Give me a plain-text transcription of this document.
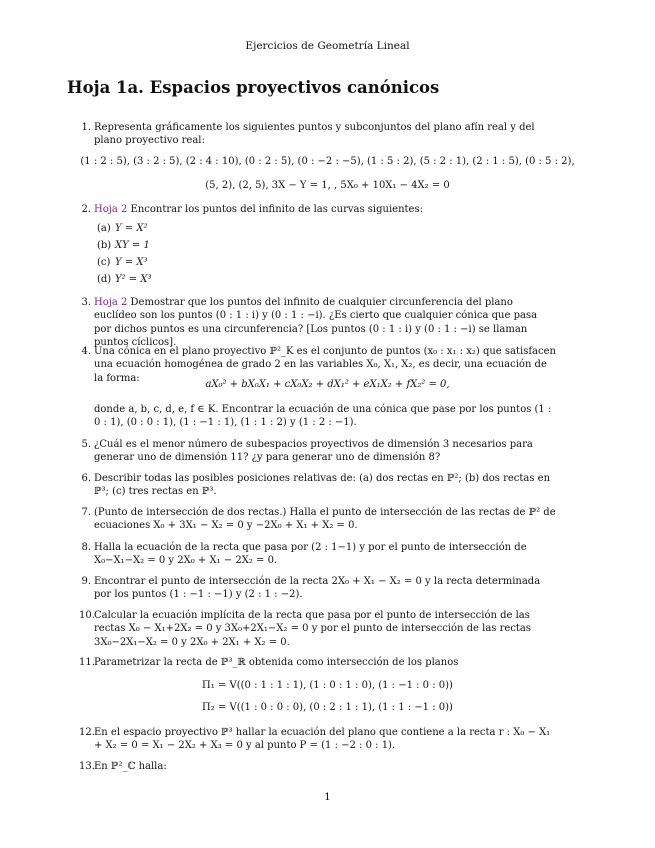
Ejercicios de Geometría Lineal
Hoja 1a. Espacios proyectivos canónicos
1. Representa gráficamente los siguientes puntos y subconjuntos del plano afín real y del plano proyectivo real:
(1 : 2 : 5), (3 : 2 : 5), (2 : 4 : 10), (0 : 2 : 5), (0 : −2 : −5), (1 : 5 : 2), (5 : 2 : 1), (2 : 1 : 5), (0 : 5 : 2),
(5, 2), (2, 5), 3X − Y = 1, , 5X₀ + 10X₁ − 4X₂ = 0
2. Hoja 2 Encontrar los puntos del infinito de las curvas siguientes:
(a) Y = X²
(b) XY = 1
(c) Y = X³
(d) Y² = X³
3. Hoja 2 Demostrar que los puntos del infinito de cualquier circunferencia del plano euclídeo son los puntos (0 : 1 : i) y (0 : 1 : −i). ¿Es cierto que cualquier cónica que pasa por dichos puntos es una circunferencia? [Los puntos (0 : 1 : i) y (0 : 1 : −i) se llaman puntos cíclicos].
4. Una cónica en el plano proyectivo ℙ²_K es el conjunto de puntos (x₀ : x₁ : x₂) que satisfacen una ecuación homogénea de grado 2 en las variables X₀, X₁, X₂, es decir, una ecuación de la forma:
aX₀² + bX₀X₁ + cX₀X₂ + dX₁² + eX₁X₂ + fX₂² = 0,
donde a, b, c, d, e, f ∈ K. Encontrar la ecuación de una cónica que pase por los puntos (1 : 0 : 1), (0 : 0 : 1), (1 : −1 : 1), (1 : 1 : 2) y (1 : 2 : −1).
5. ¿Cuál es el menor número de subespacios proyectivos de dimensión 3 necesarios para generar uno de dimensión 11? ¿y para generar uno de dimensión 8?
6. Describir todas las posibles posiciones relativas de: (a) dos rectas en ℙ²; (b) dos rectas en ℙ³; (c) tres rectas en ℙ³.
7. (Punto de intersección de dos rectas.) Halla el punto de intersección de las rectas de ℙ² de ecuaciones X₀ + 3X₁ − X₂ = 0 y −2X₀ + X₁ + X₂ = 0.
8. Halla la ecuación de la recta que pasa por (2 : 1−1) y por el punto de intersección de X₀−X₁−X₂ = 0 y 2X₀ + X₁ − 2X₂ = 0.
9. Encontrar el punto de intersección de la recta 2X₀ + X₁ − X₂ = 0 y la recta determinada por los puntos (1 : −1 : −1) y (2 : 1 : −2).
10. Calcular la ecuación implícita de la recta que pasa por el punto de intersección de las rectas X₀ − X₁+2X₂ = 0 y 3X₀+2X₁−X₂ = 0 y por el punto de intersección de las rectas 3X₀−2X₁−X₂ = 0 y 2X₀ + 2X₁ + X₂ = 0.
11. Parametrizar la recta de ℙ³_ℝ obtenida como intersección de los planos
Π₁ = V((0 : 1 : 1 : 1), (1 : 0 : 1 : 0), (1 : −1 : 0 : 0))
Π₂ = V((1 : 0 : 0 : 0), (0 : 2 : 1 : 1), (1 : 1 : −1 : 0))
12. En el espacio proyectivo ℙ³ hallar la ecuación del plano que contiene a la recta r : X₀ − X₁ + X₂ = 0 = X₁ − 2X₂ + X₃ = 0 y al punto P = (1 : −2 : 0 : 1).
13. En ℙ²_ℂ halla:
1
